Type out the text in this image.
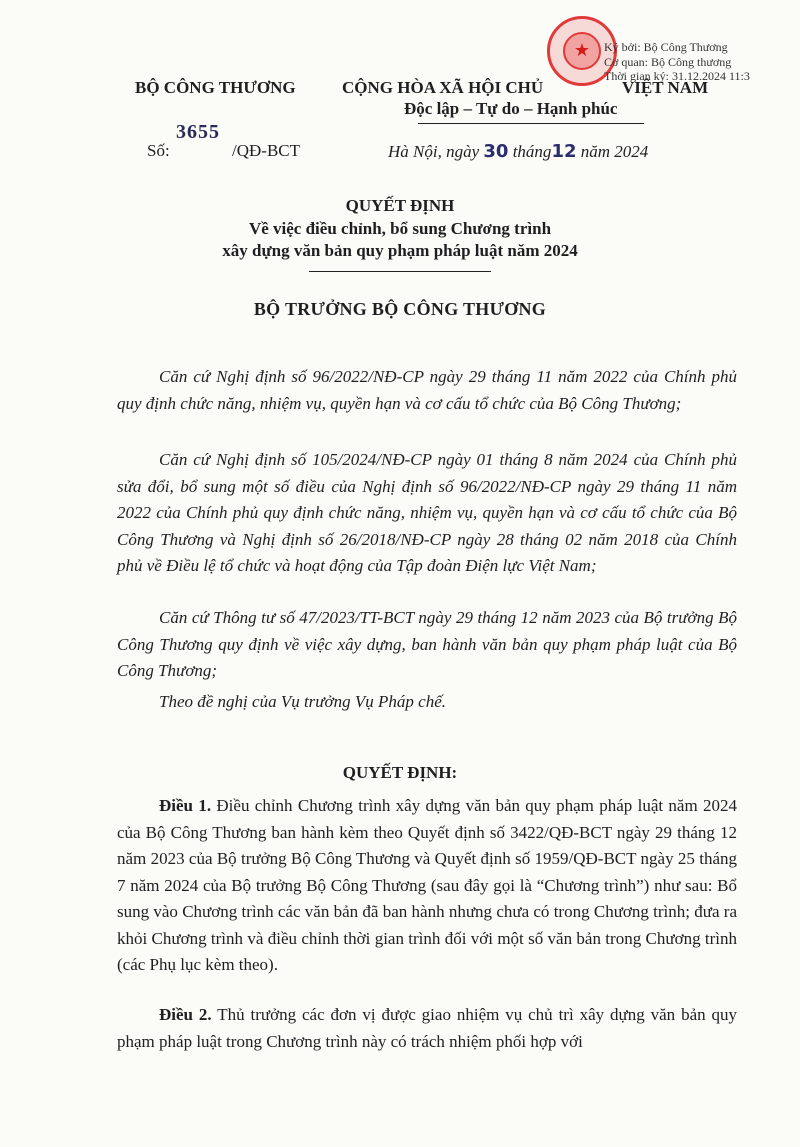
★
BỘ CÔNG THƯƠNG	CỘNG HÒA XÃ HỘI CHỦ	VIỆT NAM
Độc lập – Tự do – Hạnh phúc
Ký bởi: Bộ Công Thương
Cơ quan: Bộ Công thương
Thời gian ký: 31.12.2024 11:3
Số:
3655
/QĐ-BCT	Hà Nội, ngày 30 tháng12 năm 2024
QUYẾT ĐỊNH
Về việc điều chỉnh, bổ sung Chương trình
xây dựng văn bản quy phạm pháp luật năm 2024
BỘ TRƯỞNG BỘ CÔNG THƯƠNG
Căn cứ Nghị định số 96/2022/NĐ-CP ngày 29 tháng 11 năm 2022 của Chính phủ quy định chức năng, nhiệm vụ, quyền hạn và cơ cấu tổ chức của Bộ Công Thương;
Căn cứ Nghị định số 105/2024/NĐ-CP ngày 01 tháng 8 năm 2024 của Chính phủ sửa đổi, bổ sung một số điều của Nghị định số 96/2022/NĐ-CP ngày 29 tháng 11 năm 2022 của Chính phủ quy định chức năng, nhiệm vụ, quyền hạn và cơ cấu tổ chức của Bộ Công Thương và Nghị định số 26/2018/NĐ-CP ngày 28 tháng 02 năm 2018 của Chính phủ về Điều lệ tổ chức và hoạt động của Tập đoàn Điện lực Việt Nam;
Căn cứ Thông tư số 47/2023/TT-BCT ngày 29 tháng 12 năm 2023 của Bộ trưởng Bộ Công Thương quy định về việc xây dựng, ban hành văn bản quy phạm pháp luật của Bộ Công Thương;
Theo đề nghị của Vụ trưởng Vụ Pháp chế.
QUYẾT ĐỊNH:
Điều 1. Điều chỉnh Chương trình xây dựng văn bản quy phạm pháp luật năm 2024 của Bộ Công Thương ban hành kèm theo Quyết định số 3422/QĐ-BCT ngày 29 tháng 12 năm 2023 của Bộ trưởng Bộ Công Thương và Quyết định số 1959/QĐ-BCT ngày 25 tháng 7 năm 2024 của Bộ trưởng Bộ Công Thương (sau đây gọi là “Chương trình”) như sau: Bổ sung vào Chương trình các văn bản đã ban hành nhưng chưa có trong Chương trình; đưa ra khỏi Chương trình và điều chỉnh thời gian trình đối với một số văn bản trong Chương trình (các Phụ lục kèm theo).
Điều 2. Thủ trưởng các đơn vị được giao nhiệm vụ chủ trì xây dựng văn bản quy phạm pháp luật trong Chương trình này có trách nhiệm phối hợp với
